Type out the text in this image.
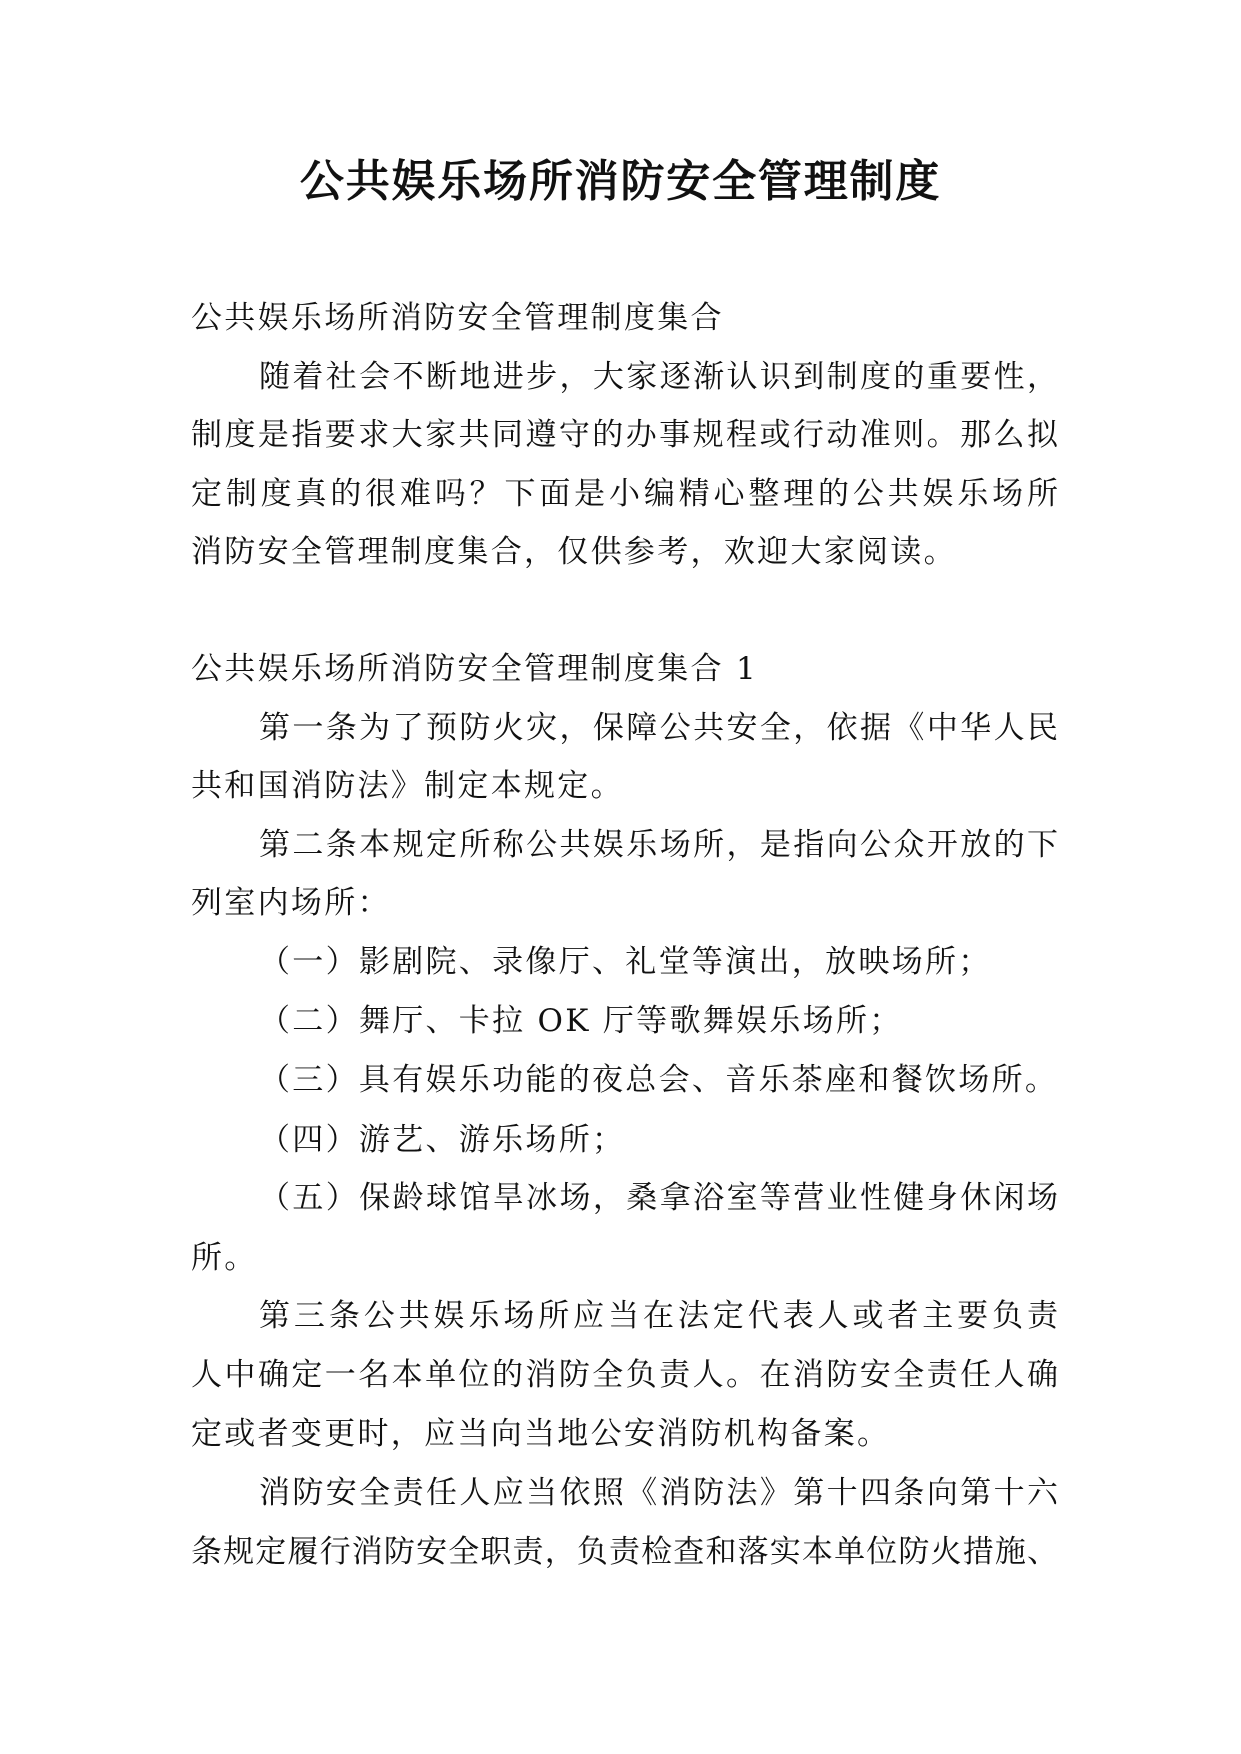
公共娱乐场所消防安全管理制度
公共娱乐场所消防安全管理制度集合
随着社会不断地进步，大家逐渐认识到制度的重要性，
制度是指要求大家共同遵守的办事规程或行动准则。那么拟
定制度真的很难吗？下面是小编精心整理的公共娱乐场所
消防安全管理制度集合，仅供参考，欢迎大家阅读。
公共娱乐场所消防安全管理制度集合 1
第一条为了预防火灾，保障公共安全，依据《中华人民
共和国消防法》制定本规定。
第二条本规定所称公共娱乐场所，是指向公众开放的下
列室内场所：
（一）影剧院、录像厅、礼堂等演出，放映场所；
（二）舞厅、卡拉 OK 厅等歌舞娱乐场所；
（三）具有娱乐功能的夜总会、音乐茶座和餐饮场所。
（四）游艺、游乐场所；
（五）保龄球馆旱冰场，桑拿浴室等营业性健身休闲场
所。
第三条公共娱乐场所应当在法定代表人或者主要负责
人中确定一名本单位的消防全负责人。在消防安全责任人确
定或者变更时，应当向当地公安消防机构备案。
消防安全责任人应当依照《消防法》第十四条向第十六
条规定履行消防安全职责，负责检查和落实本单位防火措施、
